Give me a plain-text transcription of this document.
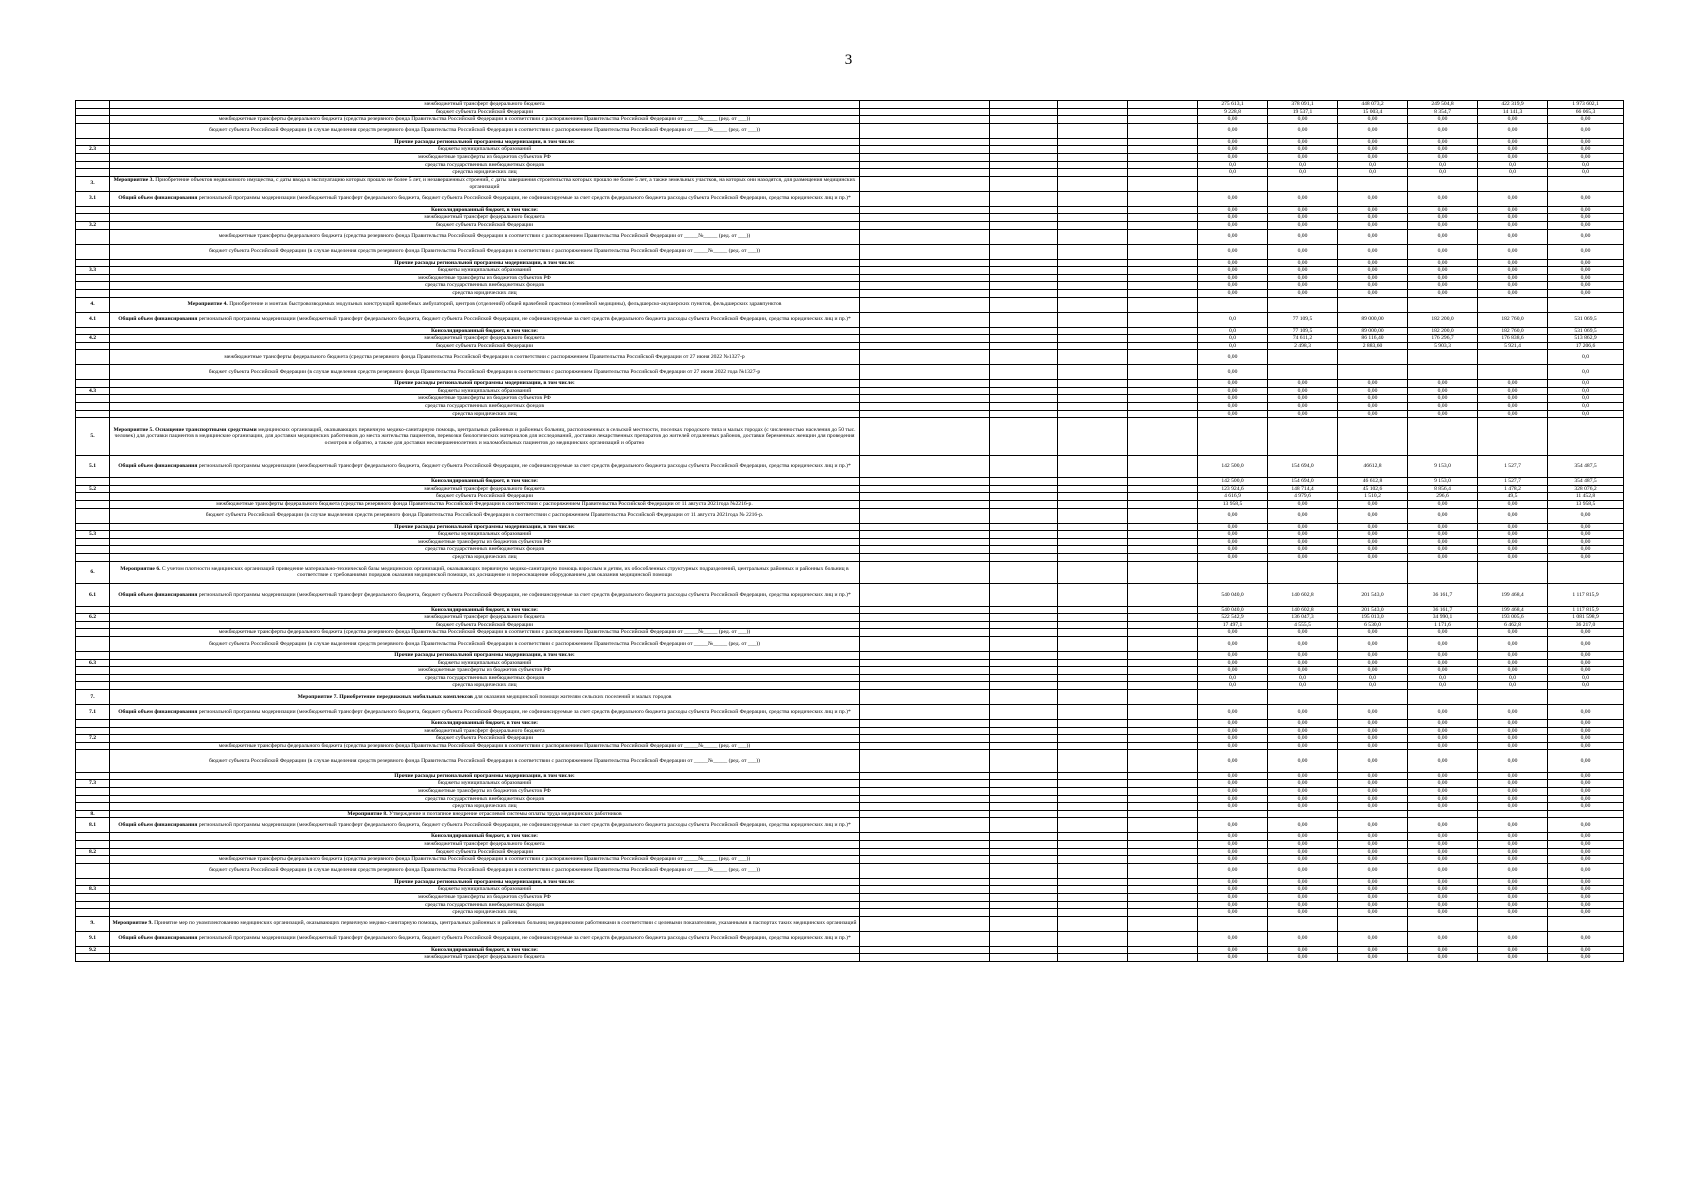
3
	межбюджетный трансферт федерального бюджета					275 613,1	378 091,1	448 073,2	249 504,8	422 319,9	1 973 602,1
	бюджет субъекта Российской Федерации					9 228,8	19 537,1	15 003,4	8 354,7	14 141,3	66 065,3
	межбюджетные трансферты федерального бюджета (средства резервного фонда Правительства Российской Федерации в соответствии с распоряжением Правительства Российской Федерации от _____№_____ (ред. от ___))					0,00	0,00	0,00	0,00	0,00	0,00
	бюджет субъекта Российской Федерации (в случае выделения средств резервного фонда Правительства Российской Федерации в соответствии с распоряжением Правительства Российской Федерации от _____№_____ (ред. от ___))					0,00	0,00	0,00	0,00	0,00	0,00
	Прочие расходы региональной программы модернизации, в том числе:					0,00	0,00	0,00	0,00	0,00	0,00
2.3	бюджеты муниципальных образований					0,00	0,00	0,00	0,00	0,00	0,00
	межбюджетные трансферты из бюджетов субъектов РФ					0,00	0,00	0,00	0,00	0,00	0,00
	средства государственных внебюджетных фондов					0,0	0,0	0,0	0,0	0,0	0,0
	средства юридических лиц					0,0	0,0	0,0	0,0	0,0	0,0
3.	Мероприятие 3. Приобретение объектов недвижимого имущества, с даты ввода в эксплуатацию которых прошло не более 5 лет, и незавершенных строений, с даты завершения строительства которых прошло не более 5 лет, а также земельных участков, на которых они находятся, для размещения медицинских организаций										
3.1	Общий объем финансирования региональной программы модернизации (межбюджетный трансферт федерального бюджета, бюджет субъекта Российской Федерации, не софинансируемые за счет средств федерального бюджета расходы субъекта Российской Федерации, средства юридических лиц и пр.)*					0,00	0,00	0,00	0,00	0,00	0,00
	Консолидированный бюджет, в том числе:					0,00	0,00	0,00	0,00	0,00	0,00
	межбюджетный трансферт федерального бюджета					0,00	0,00	0,00	0,00	0,00	0,00
3.2	бюджет субъекта Российской Федерации					0,00	0,00	0,00	0,00	0,00	0,00
	межбюджетные трансферты федерального бюджета (средства резервного фонда Правительства Российской Федерации в соответствии с распоряжением Правительства Российской Федерации от _____№_____ (ред. от ___))					0,00	0,00	0,00	0,00	0,00	0,00
	бюджет субъекта Российской Федерации (в случае выделения средств резервного фонда Правительства Российской Федерации в соответствии с распоряжением Правительства Российской Федерации от _____№_____ (ред. от ___))					0,00	0,00	0,00	0,00	0,00	0,00
	Прочие расходы региональной программы модернизации, в том числе:					0,00	0,00	0,00	0,00	0,00	0,00
3.3	бюджеты муниципальных образований					0,00	0,00	0,00	0,00	0,00	0,00
	межбюджетные трансферты из бюджетов субъектов РФ					0,00	0,00	0,00	0,00	0,00	0,00
	средства государственных внебюджетных фондов					0,00	0,00	0,00	0,00	0,00	0,00
	средства юридических лиц					0,00	0,00	0,00	0,00	0,00	0,00
4.	Мероприятие 4. Приобретение и монтаж быстровозводимых модульных конструкций врачебных амбулаторий, центров (отделений) общей врачебной практики (семейной медицины), фельдшерско-акушерских пунктов, фельдшерских здравпунктов										
4.1	Общий объем финансирования региональной программы модернизации (межбюджетный трансферт федерального бюджета, бюджет субъекта Российской Федерации, не софинансируемые за счет средств федерального бюджета расходы субъекта Российской Федерации, средства юридических лиц и пр.)*					0,0	77 109,5	89 000,00	182 200,0	182 760,0	531 069,5
	Консолидированный бюджет, в том числе:					0,0	77 109,5	89 000,00	182 200,0	182 760,0	531 069,5
4.2	межбюджетный трансферт федерального бюджета					0,0	74 611,2	86 116,40	176 296,7	176 838,6	513 862,9
	бюджет субъекта Российской Федерации					0,0	2 498,3	2 883,60	5 903,3	5 921,4	17 206,6
	межбюджетные трансферты федерального бюджета (средства резервного фонда Правительства Российской Федерации в соответствии с распоряжением Правительства Российской Федерации от 27 июня 2022 №1327-р					0,00					0,0
	бюджет субъекта Российской Федерации (в случае выделения средств резервного фонда Правительства Российской Федерации в соответствии с распоряжением Правительства Российской Федерации от 27 июня 2022 года №1327-р					0,00					0,0
	Прочие расходы региональной программы модернизации, в том числе:					0,00	0,00	0,00	0,00	0,00	0,0
4.3	бюджеты муниципальных образований					0,00	0,00	0,00	0,00	0,00	0,0
	межбюджетные трансферты из бюджетов субъектов РФ					0,00	0,00	0,00	0,00	0,00	0,0
	средства государственных внебюджетных фондов					0,00	0,00	0,00	0,00	0,00	0,0
	средства юридических лиц					0,00	0,00	0,00	0,00	0,00	0,0
5.	Мероприятие 5. Оснащение транспортными средствами медицинских организаций, оказывающих первичную медико-санитарную помощь, центральных районных и районных больниц, расположенных в сельской местности, поселках городского типа и малых городах (с численностью населения до 50 тыс. человек) для доставки пациентов в медицинские организации, для доставки медицинских работников до места жительства пациентов, перевозки биологических материалов для исследований, доставки лекарственных препаратов до жителей отдаленных районов, доставки беременных женщин для проведения осмотров и обратно, а также для доставки несовершеннолетних и маломобильных пациентов до медицинских организаций и обратно										
5.1	Общий объем финансирования региональной программы модернизации (межбюджетный трансферт федерального бюджета, бюджет субъекта Российской Федерации, не софинансируемые за счет средств федерального бюджета расходы субъекта Российской Федерации, средства юридических лиц и пр.)*					142 500,0	154 694,0	46612,8	9 153,0	1 527,7	354 487,5
	Консолидированный бюджет, в том числе:					142 500,0	154 694,0	46 612,8	9 153,0	1 527,7	354 487,5
5.2	межбюджетный трансферт федерального бюджета					123 924,6	148 714,4	45 102,6	8 856,4	1 478,2	328 076,2
	бюджет субъекта Российской Федерации					4 616,9	4 979,6	1 510,2	296,6	49,5	11 452,8
	межбюджетные трансферты федерального бюджета (средства резервного фонда Правительства Российской Федерации в соответствии с распоряжением Правительства Российской Федерации от 11 августа 2021года №2216-р.					13 958,5	0,00	0,00	0,00	0,00	13 958,5
	бюджет субъекта Российской Федерации (в случае выделения средств резервного фонда Правительства Российской Федерации в соответствии с распоряжением Правительства Российской Федерации от 11 августа 2021года № 2216-р.					0,00	0,00	0,00	0,00	0,00	0,00
	Прочие расходы региональной программы модернизации, в том числе:					0,00	0,00	0,00	0,00	0,00	0,00
5.3	бюджеты муниципальных образований					0,00	0,00	0,00	0,00	0,00	0,00
	межбюджетные трансферты из бюджетов субъектов РФ					0,00	0,00	0,00	0,00	0,00	0,00
	средства государственных внебюджетных фондов					0,00	0,00	0,00	0,00	0,00	0,00
	средства юридических лиц					0,00	0,00	0,00	0,00	0,00	0,00
6.	Мероприятие 6. С учетом плотности медицинских организаций приведение материально-технической базы медицинских организаций, оказывающих первичную медико-санитарную помощь взрослым и детям, их обособленных структурных подразделений, центральных районных и районных больниц в соответствие с требованиями порядков оказания медицинской помощи, их доснащение и переоснащение оборудованием для оказания медицинской помощи										
6.1	Общий объем финансирования региональной программы модернизации (межбюджетный трансферт федерального бюджета, бюджет субъекта Российской Федерации, не софинансируемые за счет средств федерального бюджета расходы субъекта Российской Федерации, средства юридических лиц и пр.)*					540 040,0	140 602,8	201 543,0	36 161,7	199 468,4	1 117 815,9
	Консолидированный бюджет, в том числе:					540 040,0	140 602,8	201 543,0	36 161,7	199 468,4	1 117 815,9
6.2	межбюджетный трансферт федерального бюджета					522 542,9	136 047,3	195 013,0	34 990,1	193 005,6	1 081 598,9
	бюджет субъекта Российской Федерации					17 497,1	4 555,5	6 530,0	1 171,6	6 462,8	36 217,0
	межбюджетные трансферты федерального бюджета (средства резервного фонда Правительства Российской Федерации в соответствии с распоряжением Правительства Российской Федерации от _____№_____ (ред. от ___))					0,00	0,00	0,00	0,00	0,00	0,00
	бюджет субъекта Российской Федерации (в случае выделения средств резервного фонда Правительства Российской Федерации в соответствии с распоряжением Правительства Российской Федерации от _____№_____ (ред. от ___))					0,00	0,00	0,00	0,00	0,00	0,00
	Прочие расходы региональной программы модернизации, в том числе:					0,00	0,00	0,00	0,00	0,00	0,00
6.3	бюджеты муниципальных образований					0,00	0,00	0,00	0,00	0,00	0,00
	межбюджетные трансферты из бюджетов субъектов РФ					0,00	0,00	0,00	0,00	0,00	0,00
	средства государственных внебюджетных фондов					0,0	0,0	0,0	0,0	0,0	0,0
	средства юридических лиц					0,0	0,0	0,0	0,0	0,0	0,0
7.	Мероприятие 7. Приобретение передвижных мобильных комплексов для оказания медицинской помощи жителям сельских поселений и малых городов										
7.1	Общий объем финансирования региональной программы модернизации (межбюджетный трансферт федерального бюджета, бюджет субъекта Российской Федерации, не софинансируемые за счет средств федерального бюджета расходы субъекта Российской Федерации, средства юридических лиц и пр.)*					0,00	0,00	0,00	0,00	0,00	0,00
	Консолидированный бюджет, в том числе:					0,00	0,00	0,00	0,00	0,00	0,00
	межбюджетный трансферт федерального бюджета					0,00	0,00	0,00	0,00	0,00	0,00
7.2	бюджет субъекта Российской Федерации					0,00	0,00	0,00	0,00	0,00	0,00
	межбюджетные трансферты федерального бюджета (средства резервного фонда Правительства Российской Федерации в соответствии с распоряжением Правительства Российской Федерации от _____№_____ (ред. от ___))					0,00	0,00	0,00	0,00	0,00	0,00
	бюджет субъекта Российской Федерации (в случае выделения средств резервного фонда Правительства Российской Федерации в соответствии с распоряжением Правительства Российской Федерации от _____№_____ (ред. от ___))					0,00	0,00	0,00	0,00	0,00	0,00
	Прочие расходы региональной программы модернизации, в том числе:					0,00	0,00	0,00	0,00	0,00	0,00
7.3	бюджеты муниципальных образований					0,00	0,00	0,00	0,00	0,00	0,00
	межбюджетные трансферты из бюджетов субъектов РФ					0,00	0,00	0,00	0,00	0,00	0,00
	средства государственных внебюджетных фондов					0,00	0,00	0,00	0,00	0,00	0,00
	средства юридических лиц					0,00	0,00	0,00	0,00	0,00	0,00
8.	Мероприятие 8. Утверждение и поэтапное внедрение отраслевой системы оплаты труда медицинских работников										
8.1	Общий объем финансирования региональной программы модернизации (межбюджетный трансферт федерального бюджета, бюджет субъекта Российской Федерации, не софинансируемые за счет средств федерального бюджета расходы субъекта Российской Федерации, средства юридических лиц и пр.)*					0,00	0,00	0,00	0,00	0,00	0,00
	Консолидированный бюджет, в том числе:					0,00	0,00	0,00	0,00	0,00	0,00
	межбюджетный трансферт федерального бюджета					0,00	0,00	0,00	0,00	0,00	0,00
8.2	бюджет субъекта Российской Федерации					0,00	0,00	0,00	0,00	0,00	0,00
	межбюджетные трансферты федерального бюджета (средства резервного фонда Правительства Российской Федерации в соответствии с распоряжением Правительства Российской Федерации от _____№_____ (ред. от ___))					0,00	0,00	0,00	0,00	0,00	0,00
	бюджет субъекта Российской Федерации (в случае выделения средств резервного фонда Правительства Российской Федерации в соответствии с распоряжением Правительства Российской Федерации от _____№_____ (ред. от ___))					0,00	0,00	0,00	0,00	0,00	0,00
	Прочие расходы региональной программы модернизации, в том числе:					0,00	0,00	0,00	0,00	0,00	0,00
8.3	бюджеты муниципальных образований					0,00	0,00	0,00	0,00	0,00	0,00
	межбюджетные трансферты из бюджетов субъектов РФ					0,00	0,00	0,00	0,00	0,00	0,00
	средства государственных внебюджетных фондов					0,00	0,00	0,00	0,00	0,00	0,00
	средства юридических лиц					0,00	0,00	0,00	0,00	0,00	0,00
9.	Мероприятие 9. Принятие мер по укомплектованию медицинских организаций, оказывающих первичную медико-санитарную помощь, центральных районных и районных больниц медицинскими работниками в соответствии с целевыми показателями, указанными в паспортах таких медицинских организаций										
9.1	Общий объем финансирования региональной программы модернизации (межбюджетный трансферт федерального бюджета, бюджет субъекта Российской Федерации, не софинансируемые за счет средств федерального бюджета расходы субъекта Российской Федерации, средства юридических лиц и пр.)*					0,00	0,00	0,00	0,00	0,00	0,00
9.2	Консолидированный бюджет, в том числе:					0,00	0,00	0,00	0,00	0,00	0,00
	межбюджетный трансферт федерального бюджета					0,00	0,00	0,00	0,00	0,00	0,00
